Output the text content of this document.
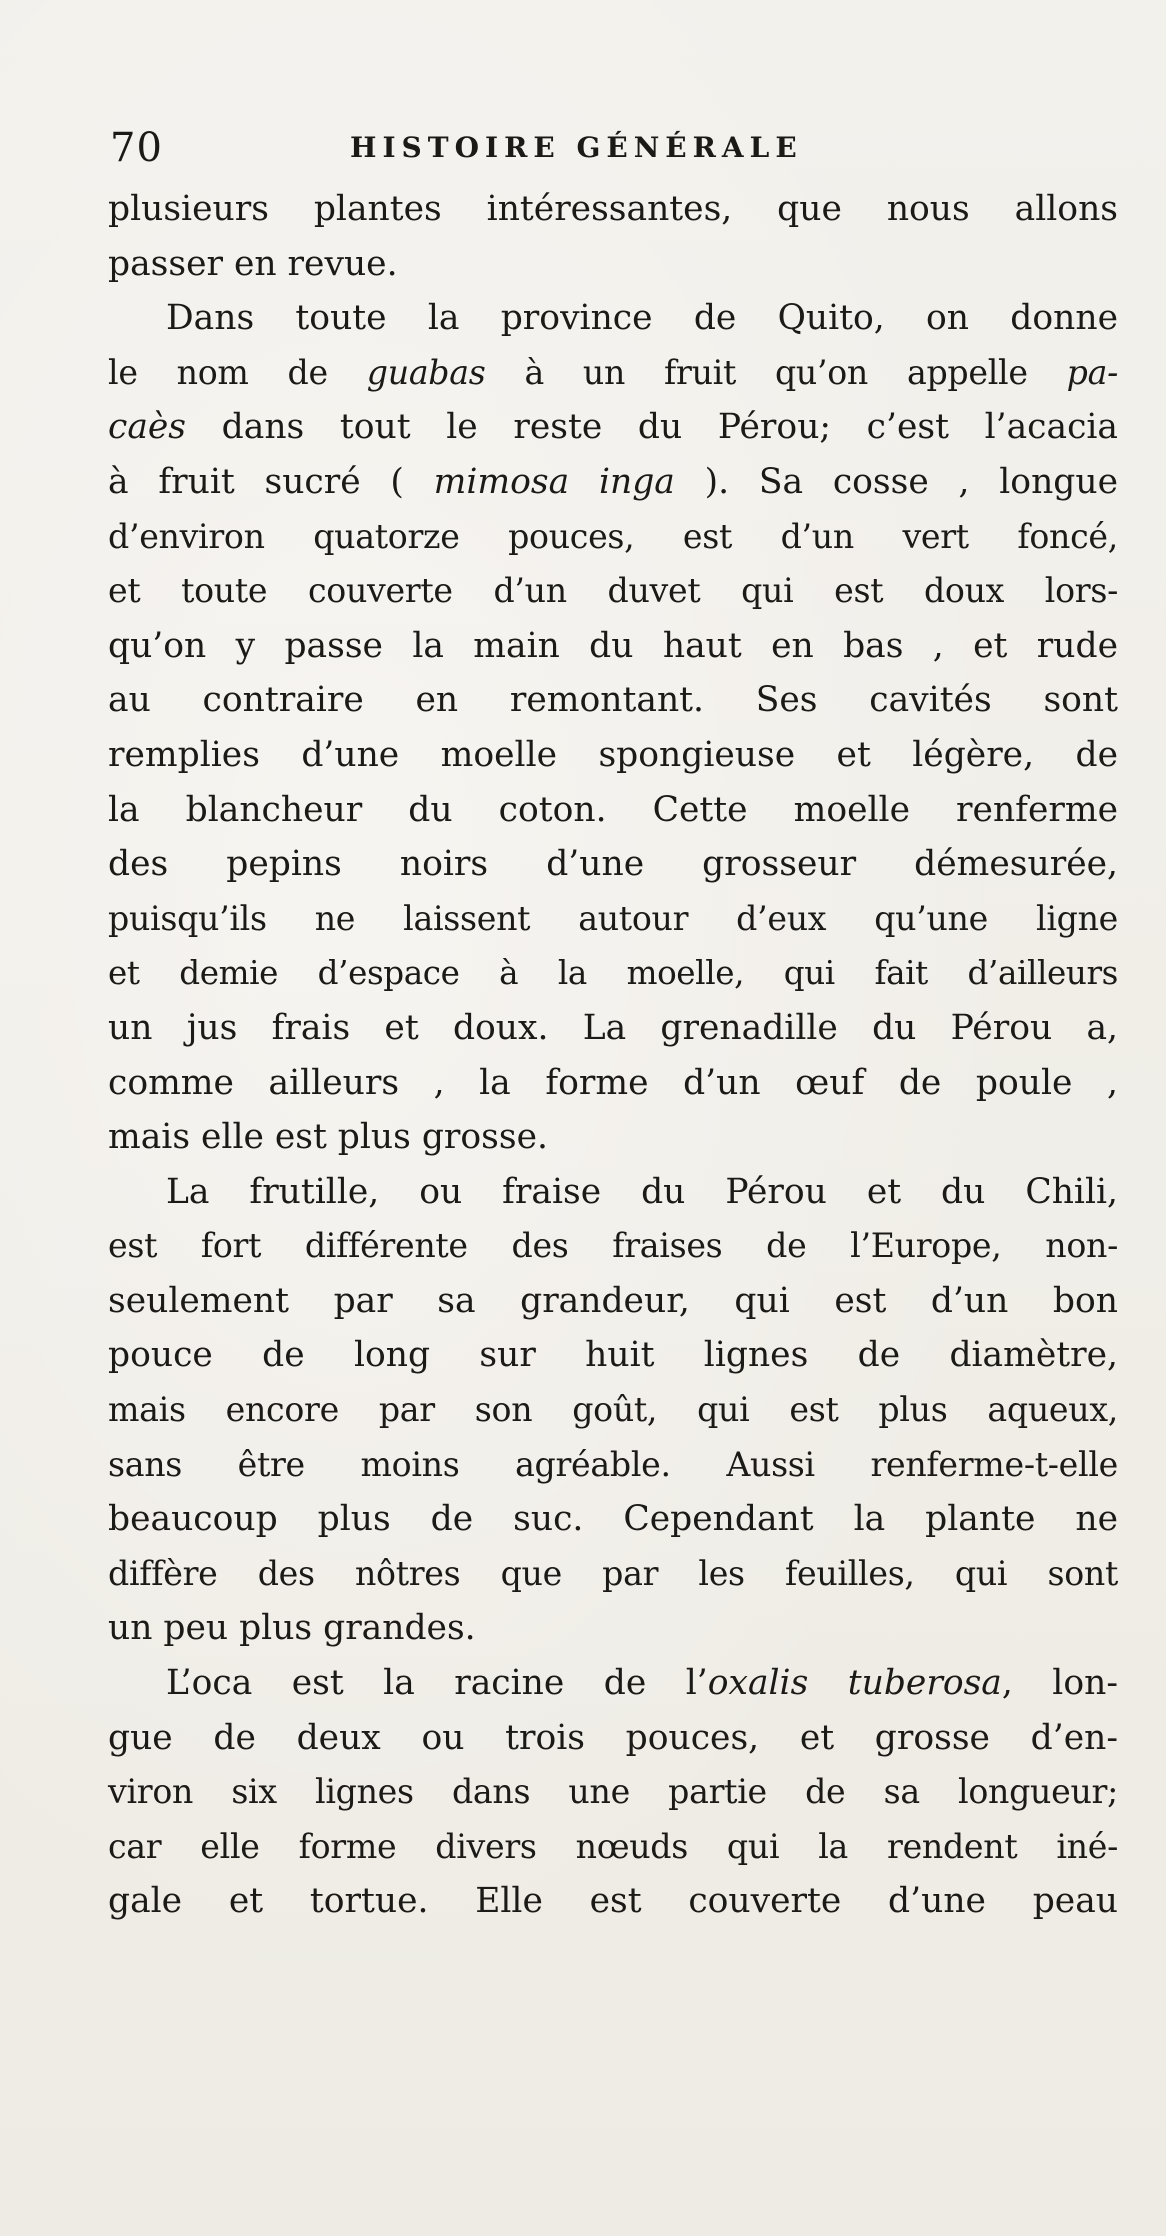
70	HISTOIRE GÉNÉRALE
plusieurs plantes intéressantes, que nous allons
passer en revue.
Dans toute la province de Quito, on donne
le nom de guabas à un fruit qu’on appelle pa-
caès dans tout le reste du Pérou; c’est l’acacia
à fruit sucré ( mimosa inga ). Sa cosse , longue
d’environ quatorze pouces, est d’un vert foncé,
et toute couverte d’un duvet qui est doux lors-
qu’on y passe la main du haut en bas , et rude
au contraire en remontant. Ses cavités sont
remplies d’une moelle spongieuse et légère, de
la blancheur du coton. Cette moelle renferme
des pepins noirs d’une grosseur démesurée,
puisqu’ils ne laissent autour d’eux qu’une ligne
et demie d’espace à la moelle, qui fait d’ailleurs
un jus frais et doux. La grenadille du Pérou a,
comme ailleurs , la forme d’un œuf de poule ,
mais elle est plus grosse.
La frutille, ou fraise du Pérou et du Chili,
est fort différente des fraises de l’Europe, non-
seulement par sa grandeur, qui est d’un bon
pouce de long sur huit lignes de diamètre,
mais encore par son goût, qui est plus aqueux,
sans être moins agréable. Aussi renferme-t-elle
beaucoup plus de suc. Cependant la plante ne
diffère des nôtres que par les feuilles, qui sont
un peu plus grandes.
L’oca est la racine de l’oxalis tuberosa, lon-
gue de deux ou trois pouces, et grosse d’en-
viron six lignes dans une partie de sa longueur;
car elle forme divers nœuds qui la rendent iné-
gale et tortue. Elle est couverte d’une peau
